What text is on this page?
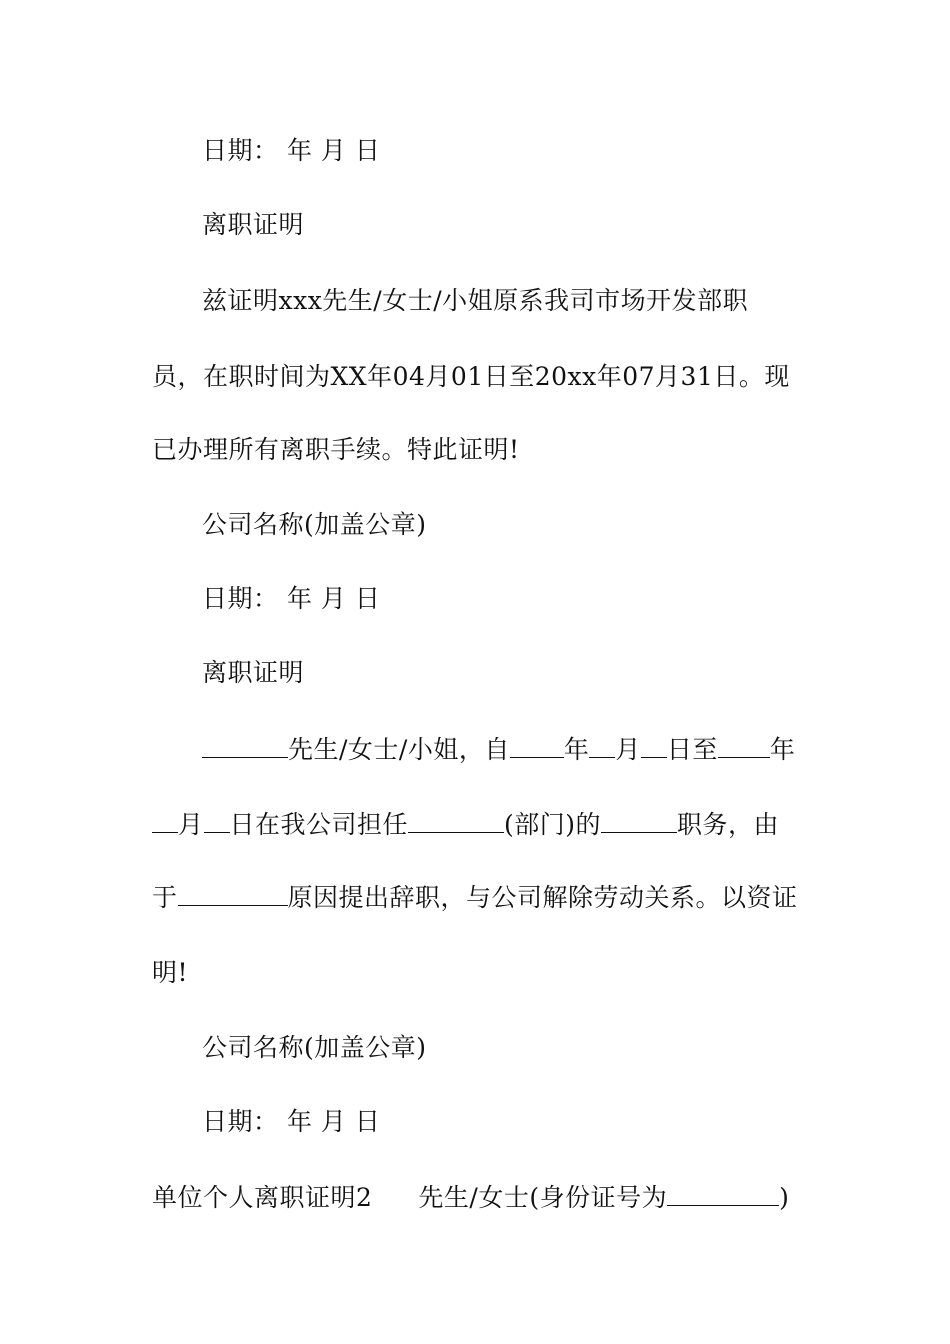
日期： 年 月 日
离职证明
兹证明xxx先生/女士/小姐原系我司市场开发部职
员，在职时间为XX年04月01日至20xx年07月31日。现
已办理所有离职手续。特此证明!
公司名称(加盖公章)
日期： 年 月 日
离职证明
先生/女士/小姐，自 年 月 日至 年
月 日在我公司担任	(部门)的	职务，由
于	原因提出辞职，与公司解除劳动关系。以资证
明!
公司名称(加盖公章)
日期： 年 月 日
单位个人离职证明2 先生/女士(身份证号为	)
